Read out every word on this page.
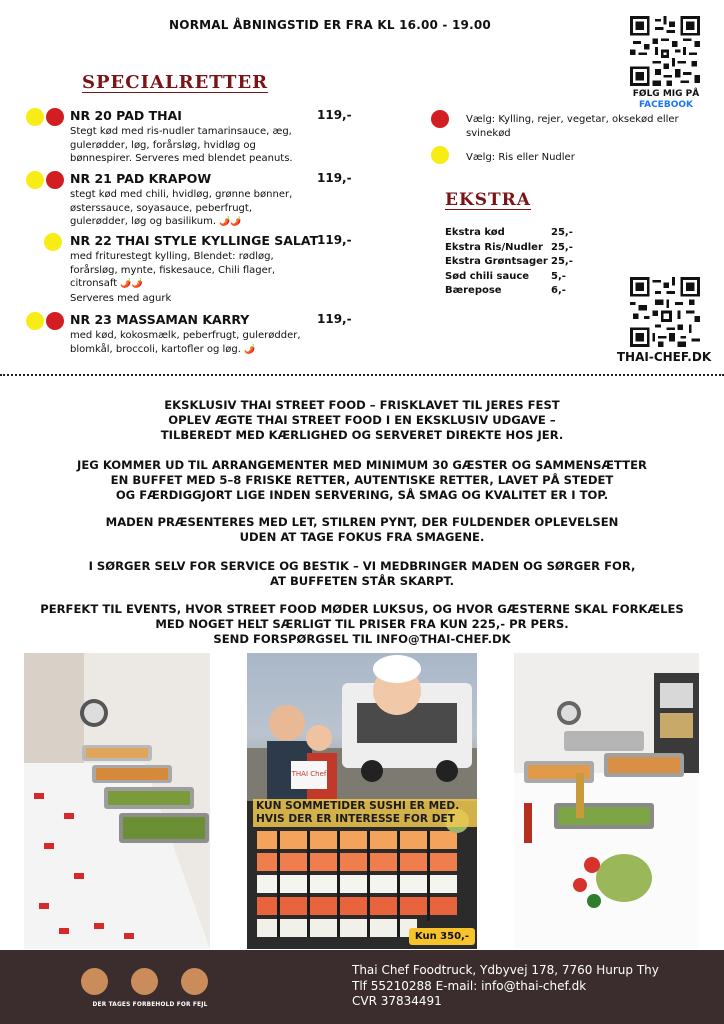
NORMAL ÅBNINGSTID ER FRA KL 16.00 - 19.00
FØLG MIG PÅ
FACEBOOK
THAI-CHEF.DK
SPECIALRETTER
NR 20 PAD THAI	119,-
Stegt kød med ris-nudler tamarinsauce, æg, gulerødder, løg, forårsløg, hvidløg og bønnespirer. Serveres med blendet peanuts.
NR 21 PAD KRAPOW	119,-
stegt kød med chili, hvidløg, grønne bønner, østerssauce, soyasauce, peberfrugt, gulerødder, løg og basilikum. 🌶️🌶️
NR 22 THAI STYLE KYLLINGE SALAT
119,-
med friturestegt kylling, Blendet: rødløg, forårsløg, mynte, fiskesauce, Chili flager, citronsaft 🌶️🌶️
Serveres med agurk
NR 23 MASSAMAN KARRY	119,-
med kød, kokosmælk, peberfrugt, gulerødder, blomkål, broccoli, kartofler og løg. 🌶️
Vælg: Kylling, rejer, vegetar, oksekød eller svinekød
Vælg: Ris eller Nudler
EKSTRA
Ekstra kød	25,-
Ekstra Ris/Nudler 25,-
Ekstra Grøntsager 25,-
Sød chili sauce	5,-
Bærepose	6,-
EKSKLUSIV THAI STREET FOOD – FRISKLAVET TIL JERES FEST
OPLEV ÆGTE THAI STREET FOOD I EN EKSKLUSIV UDGAVE –
TILBEREDT MED KÆRLIGHED OG SERVERET DIREKTE HOS JER.
JEG KOMMER UD TIL ARRANGEMENTER MED MINIMUM 30 GÆSTER OG SAMMENSÆTTER
EN BUFFET MED 5–8 FRISKE RETTER, AUTENTISKE RETTER, LAVET PÅ STEDET
OG FÆRDIGGJORT LIGE INDEN SERVERING, SÅ SMAG OG KVALITET ER I TOP.
MADEN PRÆSENTERES MED LET, STILREN PYNT, DER FULDENDER OPLEVELSEN
UDEN AT TAGE FOKUS FRA SMAGENE.
I SØRGER SELV FOR SERVICE OG BESTIK – VI MEDBRINGER MADEN OG SØRGER FOR,
AT BUFFETEN STÅR SKARPT.
PERFEKT TIL EVENTS, HVOR STREET FOOD MØDER LUKSUS, OG HVOR GÆSTERNE SKAL FORKÆLES
MED NOGET HELT SÆRLIGT TIL PRISER FRA KUN 225,- PR PERS.
SEND FORSPØRGSEL TIL INFO@THAI-CHEF.DK
THAI Chef
KUN SOMMETIDER SUSHI ER MED.
HVIS DER ER INTERESSE FOR DET
Kun 350,-
DER TAGES FORBEHOLD FOR FEJL
Thai Chef Foodtruck, Ydbyvej 178, 7760 Hurup Thy
Tlf 55210288 E-mail: info@thai-chef.dk
CVR 37834491
